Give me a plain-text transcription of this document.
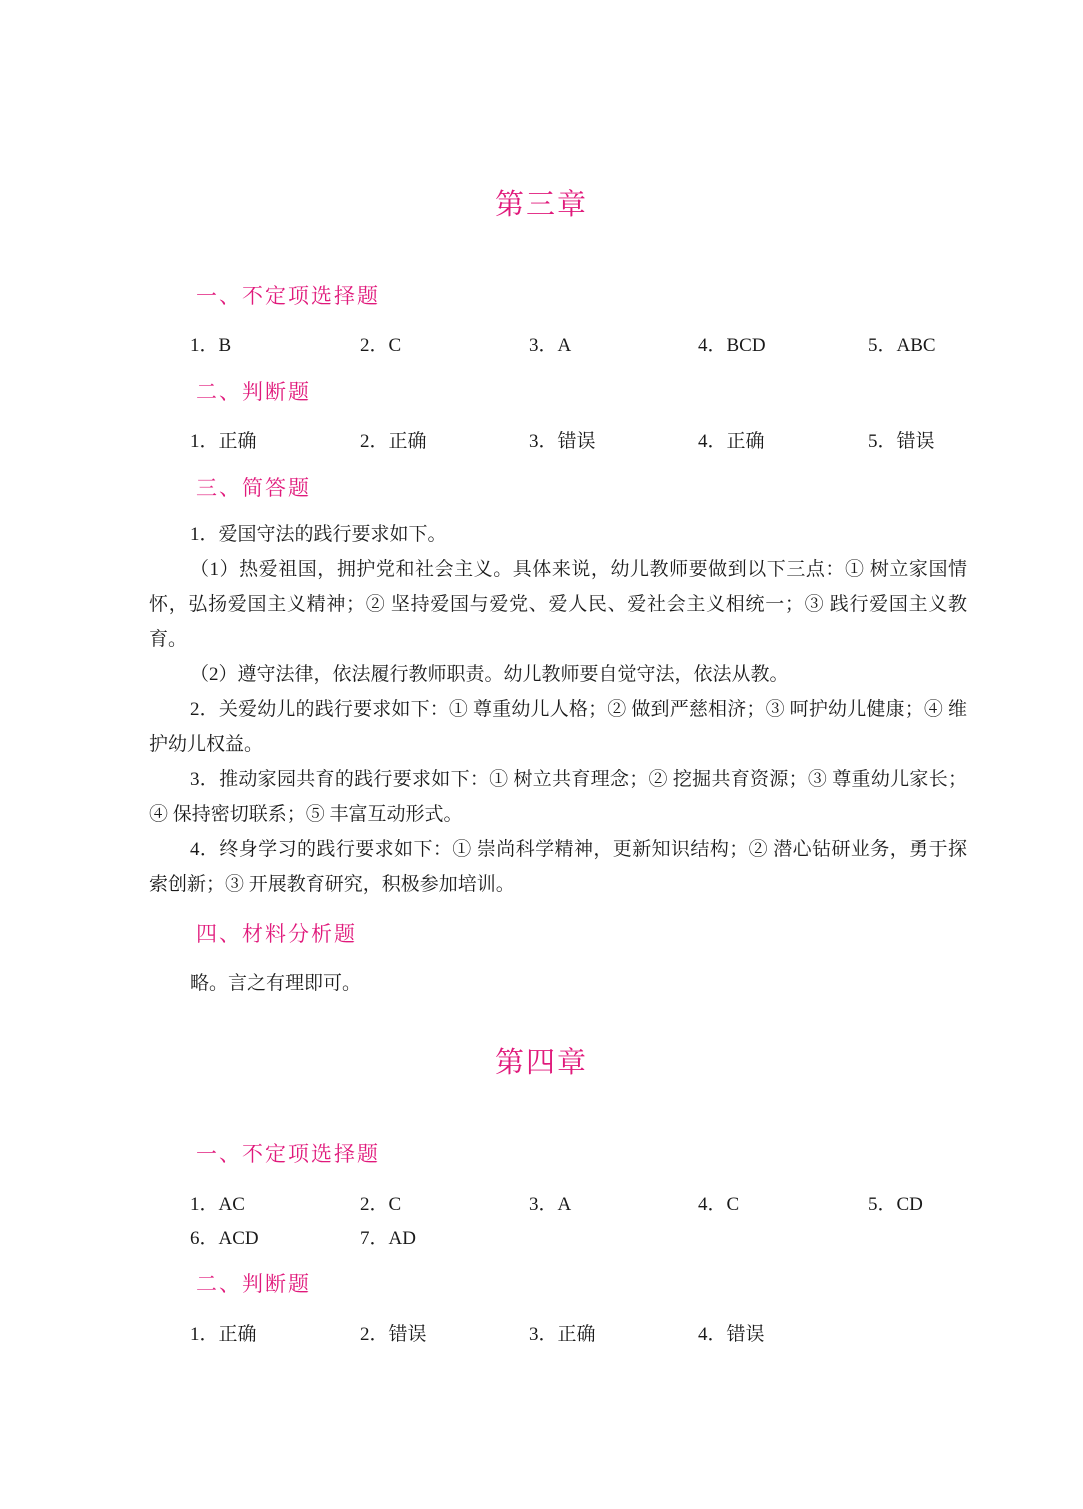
第三章
一、不定项选择题
1．B	2．C	3．A	4．BCD	5．ABC
二、判断题
1．正确	2．正确	3．错误	4．正确	5．错误
三、简答题
1．爱国守法的践行要求如下。
（1）热爱祖国，拥护党和社会主义。具体来说，幼儿教师要做到以下三点：① 树立家国情怀，弘扬爱国主义精神；② 坚持爱国与爱党、爱人民、爱社会主义相统一；③ 践行爱国主义教育。
（2）遵守法律，依法履行教师职责。幼儿教师要自觉守法，依法从教。
2．关爱幼儿的践行要求如下：① 尊重幼儿人格；② 做到严慈相济；③ 呵护幼儿健康；④ 维护幼儿权益。
3．推动家园共育的践行要求如下：① 树立共育理念；② 挖掘共育资源；③ 尊重幼儿家长；④ 保持密切联系；⑤ 丰富互动形式。
4．终身学习的践行要求如下：① 崇尚科学精神，更新知识结构；② 潜心钻研业务，勇于探索创新；③ 开展教育研究，积极参加培训。
四、材料分析题
略。言之有理即可。
第四章
一、不定项选择题
1．AC	2．C	3．A	4．C	5．CD
6．ACD	7．AD
二、判断题
1．正确	2．错误	3．正确	4．错误
